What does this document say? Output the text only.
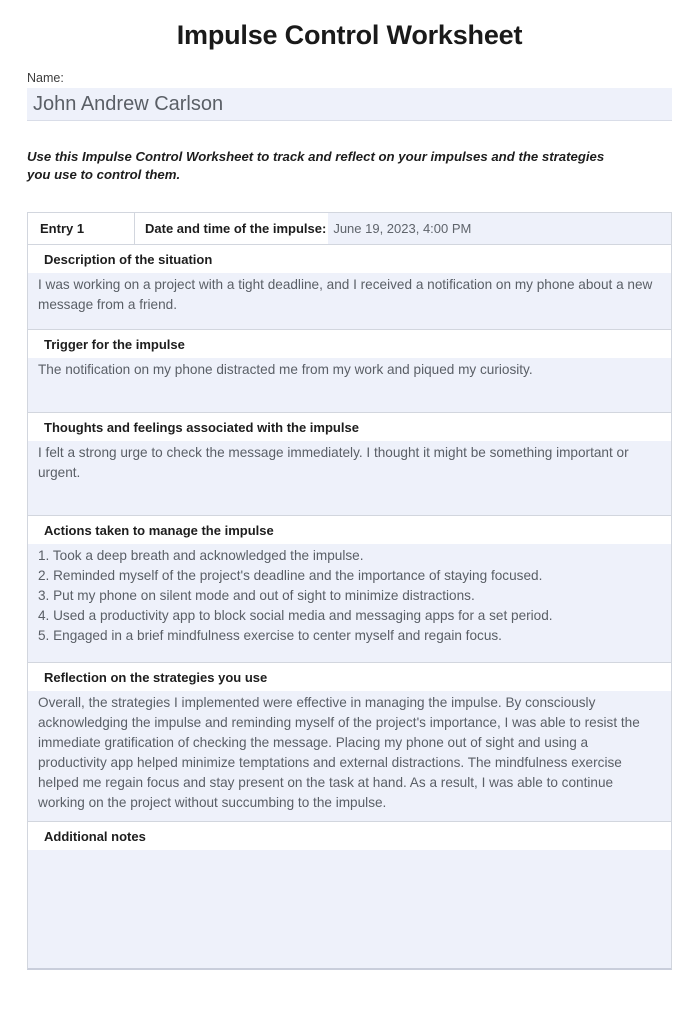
Impulse Control Worksheet
Name:
John Andrew Carlson
Use this Impulse Control Worksheet to track and reflect on your impulses and the strategies you use to control them.
Entry 1	Date and time of the impulse: June 19, 2023, 4:00 PM
Description of the situation

I was working on a project with a tight deadline, and I received a notification on my phone about a new message from a friend.

Trigger for the impulse

The notification on my phone distracted me from my work and piqued my curiosity.

Thoughts and feelings associated with the impulse

I felt a strong urge to check the message immediately. I thought it might be something important or urgent.

Actions taken to manage the impulse
1. Took a deep breath and acknowledged the impulse.
2. Reminded myself of the project's deadline and the importance of staying focused.
3. Put my phone on silent mode and out of sight to minimize distractions.
4. Used a productivity app to block social media and messaging apps for a set period.
5. Engaged in a brief mindfulness exercise to center myself and regain focus.
Reflection on the strategies you use

Overall, the strategies I implemented were effective in managing the impulse. By consciously acknowledging the impulse and reminding myself of the project's importance, I was able to resist the immediate gratification of checking the message. Placing my phone out of sight and using a productivity app helped minimize temptations and external distractions. The mindfulness exercise helped me regain focus and stay present on the task at hand. As a result, I was able to continue working on the project without succumbing to the impulse.

Additional notes
